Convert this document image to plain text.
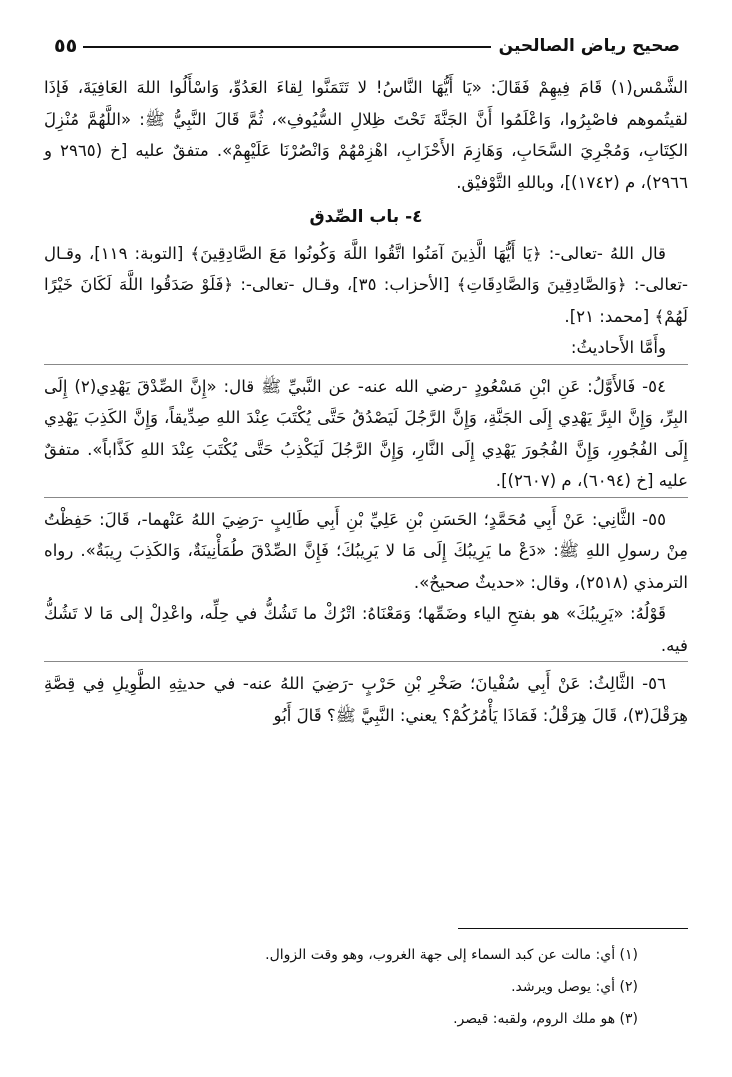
صحيح رياض الصالحين
٥٥

الشَّمْس(١) قَامَ فِيهِمْ فَقَالَ: «يَا أَيُّهَا النَّاسُ! لا تَتَمَنَّوا لِقاءَ العَدُوِّ، وَاسْأَلُوا اللهَ العَافِيَةَ، فَإذَا لقيتُموهم فاصْبِرُوا، وَاعْلَمُوا أَنَّ الجَنَّةَ تَحْتَ ظِلالِ السُّيُوفِ»، ثُمَّ قَالَ النَّبِيُّ ﷺ: «اللَّهُمَّ مُنْزِلَ الكِتَابِ، وَمُجْرِيَ السَّحَابِ، وَهَازِمَ الأَحْزَابِ، اهْزِمْهُمْ وَانْصُرْنَا عَلَيْهِمْ». متفقٌ عليه [خ (٢٩٦٥ و ٢٩٦٦)، م (١٧٤٢)]، وباللهِ التَّوْفيْق.

٤- باب الصِّدق

قال اللهُ -تعالى-: ﴿يَا أَيُّهَا الَّذِينَ آمَنُوا اتَّقُوا اللَّهَ وَكُونُوا مَعَ الصَّادِقِينَ﴾ [التوبة: ١١٩]، وقـال -تعالى-: ﴿وَالصَّادِقِينَ وَالصَّادِقَاتِ﴾ [الأحزاب: ٣٥]، وقـال -تعالى-: ﴿فَلَوْ صَدَقُوا اللَّهَ لَكَانَ خَيْرًا لَهُمْ﴾ [محمد: ٢١].

وأَمَّا الأَحاديثُ:

٥٤- فَالأَوَّلُ: عَنِ ابْنِ مَسْعُودٍ -رضي الله عنه- عن النَّبيِّ ﷺ قال: «إِنَّ الصِّدْقَ يَهْدِي(٢) إِلَى البِرِّ، وَإِنَّ البِرَّ يَهْدِي إِلَى الجَنَّةِ، وَإِنَّ الرَّجُلَ لَيَصْدُقُ حَتَّى يُكْتَبَ عِنْدَ اللهِ صِدِّيقاً، وَإِنَّ الكَذِبَ يَهْدِي إِلَى الفُجُورِ، وَإِنَّ الفُجُورَ يَهْدِي إِلَى النَّارِ، وَإِنَّ الرَّجُلَ لَيَكْذِبُ حَتَّى يُكْتَبَ عِنْدَ اللهِ كَذَّاباً». متفقٌ عليه [خ (٦٠٩٤)، م (٢٦٠٧)].

٥٥- الثَّانِي: عَنْ أَبِي مُحَمَّدٍ؛ الحَسَنِ بْنِ عَلِيِّ بْنِ أَبِي طَالِبٍ -رَضِيَ اللهُ عَنْهما-، قَالَ: حَفِظْتُ مِنْ رسولِ اللهِ ﷺ: «دَعْ ما يَرِيبُكَ إِلَى مَا لا يَرِيبُكَ؛ فَإِنَّ الصِّدْقَ طُمَأْنِينَةٌ، وَالكَذِبَ رِيبَةٌ». رواه الترمذي (٢٥١٨)، وقال: «حديثٌ صحيحٌ».

قَوْلُهُ: «يَرِيبُكَ» هو بفتحِ الياء وضَمِّها؛ وَمَعْنَاهُ: اتْرُكْ ما تَشُكُّ في حِلِّه، واعْدِلْ إلى مَا لا تَشُكُّ فيه.

٥٦- الثَّالِثُ: عَنْ أَبِي سُفْيانَ؛ صَخْرِ بْنِ حَرْبٍ -رَضِيَ اللهُ عنه- في حديثِهِ الطَّوِيلِ فِي قِصَّةِ هِرَقْلَ(٣)، قَالَ هِرَقْلُ: فَمَاذَا يَأْمُرُكُمْ؟ يعني: النَّبِيَّ ﷺ؟ قَالَ أَبُو

(١) أي: مالت عن كبد السماء إلى جهة الغروب، وهو وقت الزوال.
(٢) أي: يوصل ويرشد.
(٣) هو ملك الروم، ولقبه: قيصر.
